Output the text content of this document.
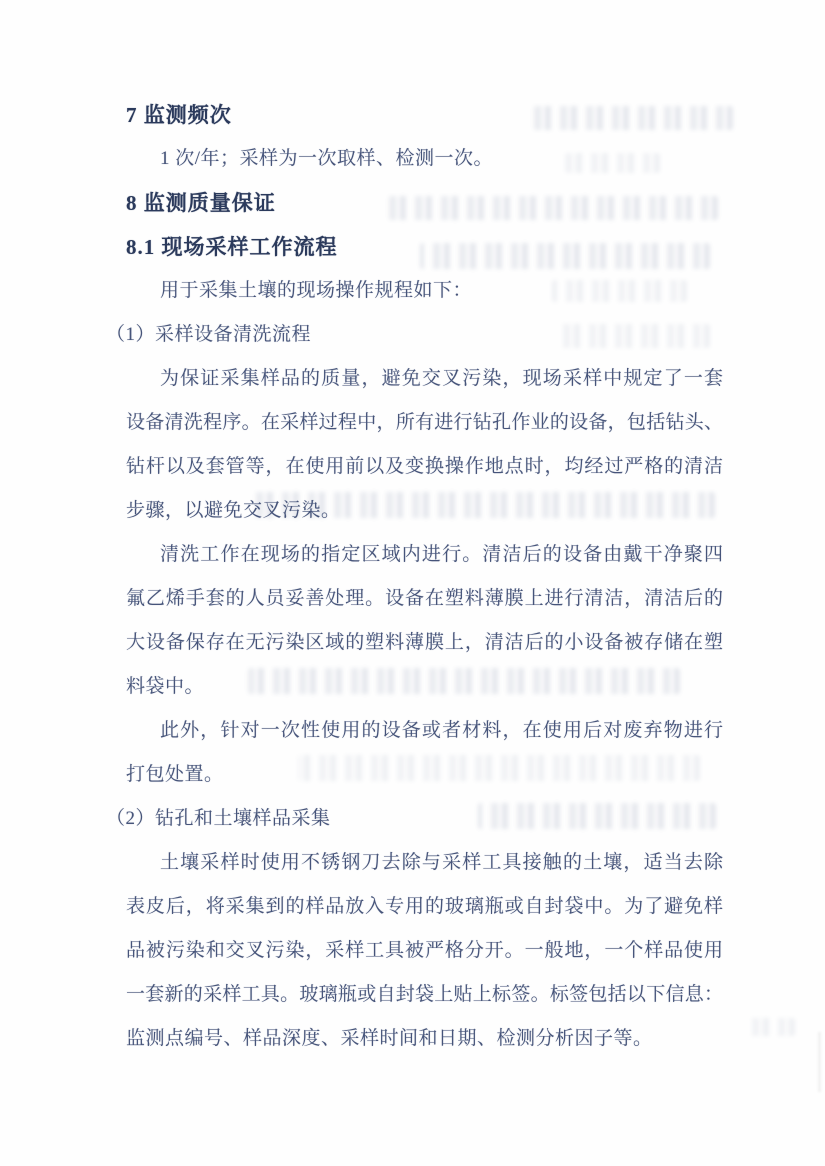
7 监测频次
1 次/年；采样为一次取样、检测一次。
8 监测质量保证
8.1 现场采样工作流程
用于采集土壤的现场操作规程如下：
（1）采样设备清洗流程
为保证采集样品的质量，避免交叉污染，现场采样中规定了一套
设备清洗程序。在采样过程中，所有进行钻孔作业的设备，包括钻头、
钻杆以及套管等，在使用前以及变换操作地点时，均经过严格的清洁
步骤，以避免交叉污染。
清洗工作在现场的指定区域内进行。清洁后的设备由戴干净聚四
氟乙烯手套的人员妥善处理。设备在塑料薄膜上进行清洁，清洁后的
大设备保存在无污染区域的塑料薄膜上，清洁后的小设备被存储在塑
料袋中。
此外，针对一次性使用的设备或者材料，在使用后对废弃物进行
打包处置。
（2）钻孔和土壤样品采集
土壤采样时使用不锈钢刀去除与采样工具接触的土壤，适当去除
表皮后，将采集到的样品放入专用的玻璃瓶或自封袋中。为了避免样
品被污染和交叉污染，采样工具被严格分开。一般地，一个样品使用
一套新的采样工具。玻璃瓶或自封袋上贴上标签。标签包括以下信息：
监测点编号、样品深度、采样时间和日期、检测分析因子等。
